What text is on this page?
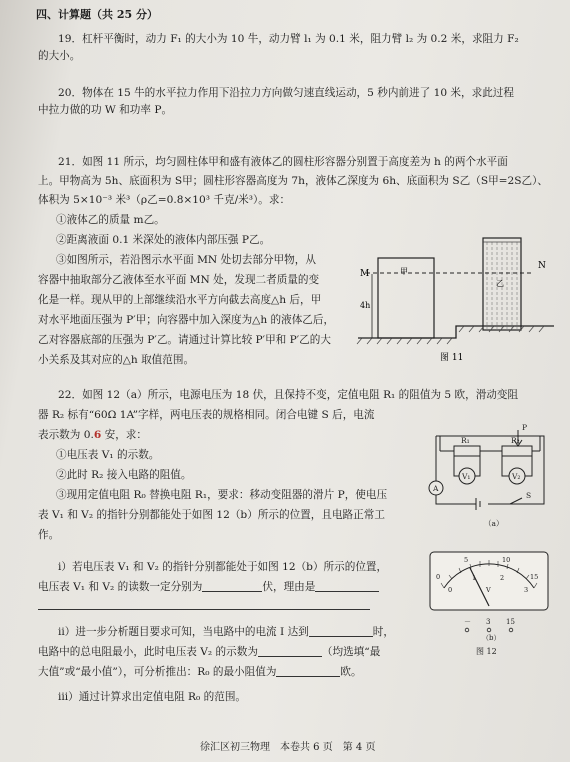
四、计算题（共 25 分）
19．杠杆平衡时，动力 F₁ 的大小为 10 牛，动力臂 l₁ 为 0.1 米，阻力臂 l₂ 为 0.2 米，求阻力 F₂
的大小。
20．物体在 15 牛的水平拉力作用下沿拉力方向做匀速直线运动，5 秒内前进了 10 米，求此过程
中拉力做的功 W 和功率 P。
21．如图 11 所示，均匀圆柱体甲和盛有液体乙的圆柱形容器分别置于高度差为 h 的两个水平面
上。甲物高为 5h、底面积为 S甲；圆柱形容器高度为 7h，液体乙深度为 6h、底面积为 S乙（S甲=2S乙）、
体积为 5×10⁻³ 米³（ρ乙=0.8×10³ 千克/米³）。求：
①液体乙的质量 m乙。
②距离液面 0.1 米深处的液体内部压强 P乙。
③如图所示，若沿图示水平面 MN 处切去部分甲物，从
容器中抽取部分乙液体至水平面 MN 处，发现二者质量的变
化是一样。现从甲的上部继续沿水平方向截去高度△h 后，甲
对水平地面压强为 P′甲；向容器中加入深度为△h 的液体乙后，
乙对容器底部的压强为 P′乙。请通过计算比较 P′甲和 P′乙的大
小关系及其对应的△h 取值范围。
乙
甲
M
N
4h
图 11
22．如图 12（a）所示，电源电压为 18 伏，且保持不变，定值电阻 R₁ 的阻值为 5 欧，滑动变阻
器 R₂ 标有“60Ω 1A”字样，两电压表的规格相同。闭合电键 S 后，电流
表示数为 0.6 安，求：
①电压表 V₁ 的示数。
②此时 R₂ 接入电路的阻值。
③现用定值电阻 R₀ 替换电阻 R₁，要求：移动变阻器的滑片 P，使电压
表 V₁ 和 V₂ 的指针分别都能处于如图 12（b）所示的位置，且电路正常工
作。
i）若电压表 V₁ 和 V₂ 的指针分别都能处于如图 12（b）所示的位置，
电压表 V₁ 和 V₂ 的读数一定分别为	伏，理由是
ii）进一步分析题目要求可知，当电路中的电流 I 达到	时，
电路中的总电阻最小，此时电压表 V₂ 的示数为	（均选填“最
大值”或“最小值”），可分析推出：R₀ 的最小阻值为	欧。
iii）通过计算求出定值电阻 R₀ 的范围。
R₁	R₂
P
V₁	V₂
A
S
（a）
0
5	10
15
0
1	2
3
V
－ 3 15
（b）
图 12
徐汇区初三物理　本卷共 6 页　第 4 页
